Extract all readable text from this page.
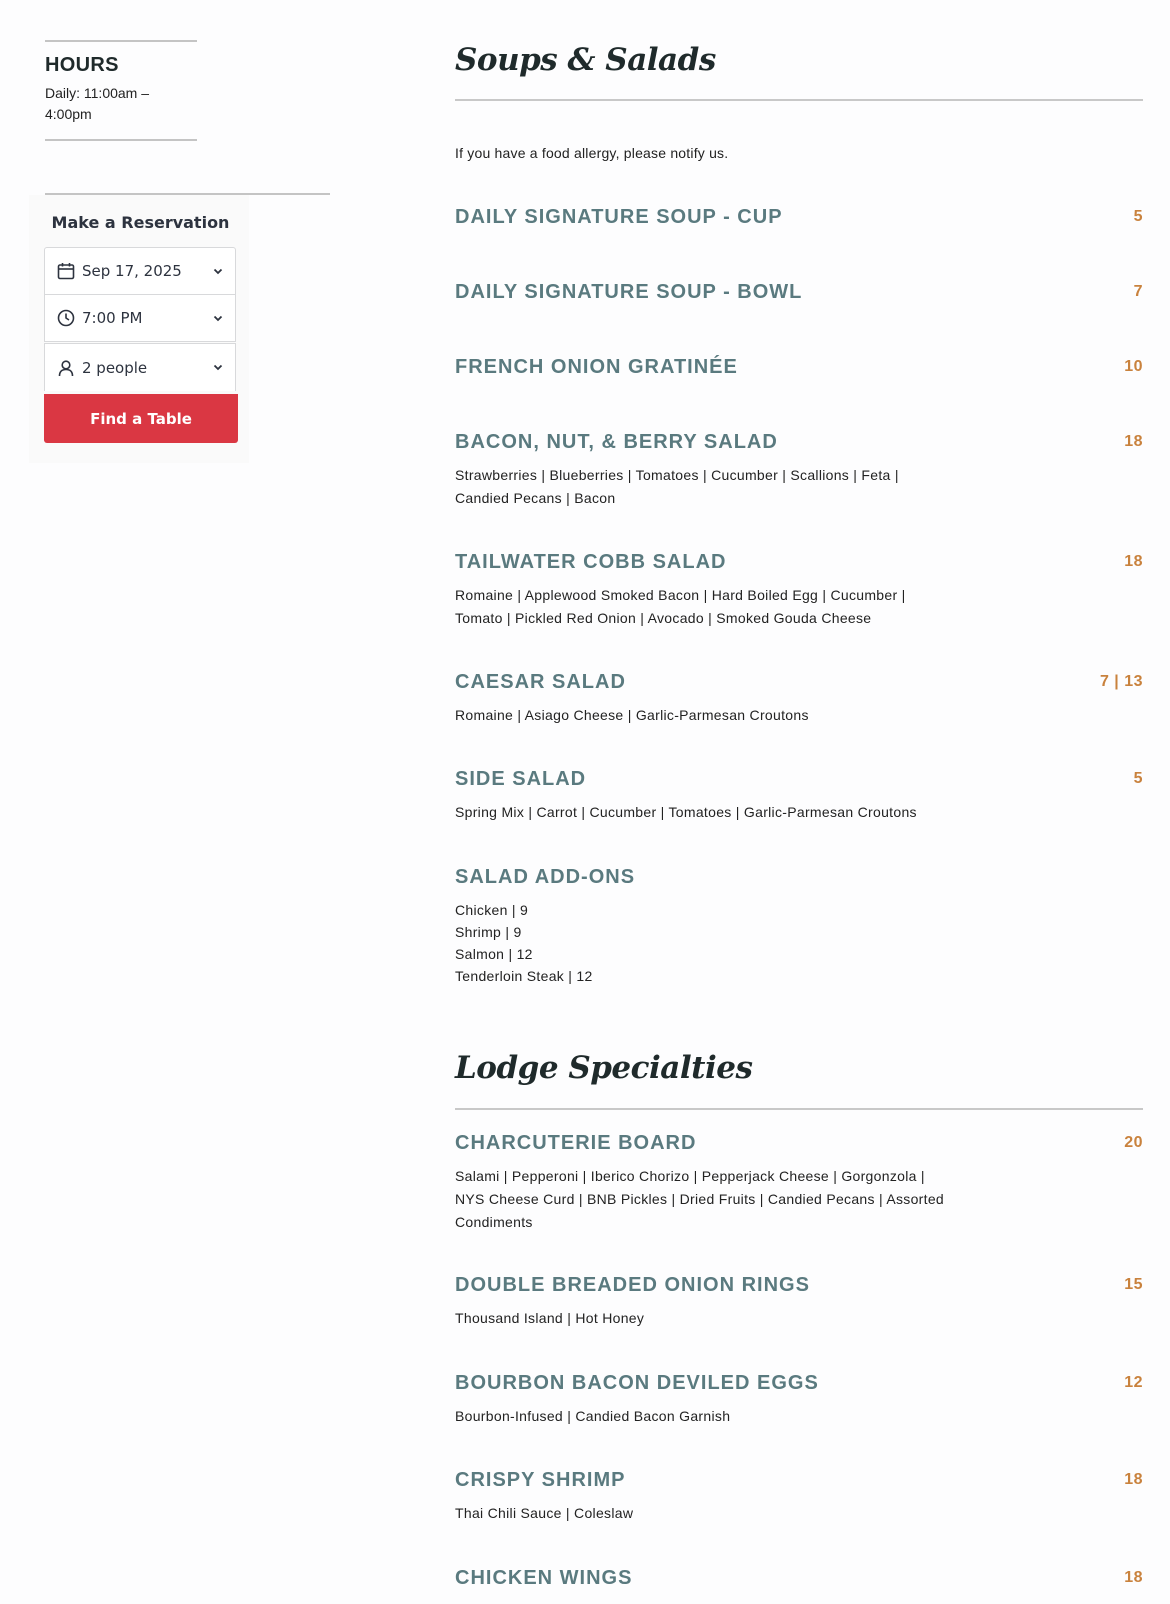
HOURS
Daily: 11:00am –
4:00pm
Make a Reservation
Sep 17, 2025
7:00 PM
2 people
Find a Table
Soups & Salads
If you have a food allergy, please notify us.
DAILY SIGNATURE SOUP - CUP	5
DAILY SIGNATURE SOUP - BOWL	7
FRENCH ONION GRATINÉE	10
BACON, NUT, & BERRY SALAD	18
Strawberries | Blueberries | Tomatoes | Cucumber | Scallions | Feta | Candied Pecans | Bacon
TAILWATER COBB SALAD	18
Romaine | Applewood Smoked Bacon | Hard Boiled Egg | Cucumber | Tomato | Pickled Red Onion | Avocado | Smoked Gouda Cheese
CAESAR SALAD	7 | 13
Romaine | Asiago Cheese | Garlic-Parmesan Croutons
SIDE SALAD	5
Spring Mix | Carrot | Cucumber | Tomatoes | Garlic-Parmesan Croutons
SALAD ADD-ONS
Chicken | 9
Shrimp | 9
Salmon | 12
Tenderloin Steak | 12
Lodge Specialties
CHARCUTERIE BOARD	20
Salami | Pepperoni | Iberico Chorizo | Pepperjack Cheese | Gorgonzola | NYS Cheese Curd | BNB Pickles | Dried Fruits | Candied Pecans | Assorted Condiments
DOUBLE BREADED ONION RINGS	15
Thousand Island | Hot Honey
BOURBON BACON DEVILED EGGS	12
Bourbon-Infused | Candied Bacon Garnish
CRISPY SHRIMP	18
Thai Chili Sauce | Coleslaw
CHICKEN WINGS	18
